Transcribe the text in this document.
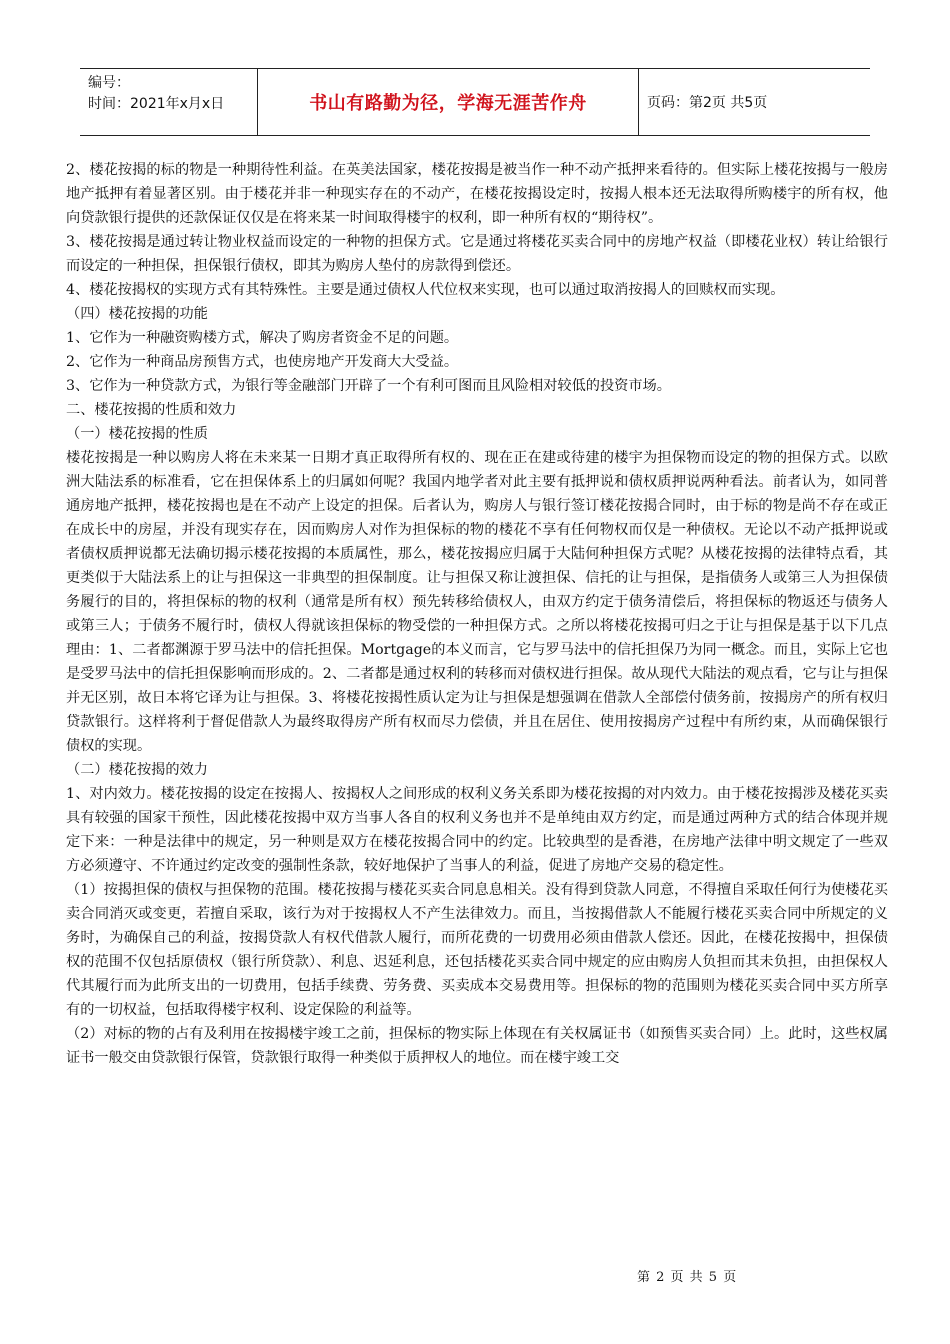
编号：
时间：2021年x月x日	书山有路勤为径，学海无涯苦作舟	页码：第2页 共5页

2、楼花按揭的标的物是一种期待性利益。在英美法国家，楼花按揭是被当作一种不动产抵押来看待的。但实际上楼花按揭与一般房地产抵押有着显著区别。由于楼花并非一种现实存在的不动产，在楼花按揭设定时，按揭人根本还无法取得所购楼宇的所有权，他向贷款银行提供的还款保证仅仅是在将来某一时间取得楼宇的权利，即一种所有权的“期待权”。

3、楼花按揭是通过转让物业权益而设定的一种物的担保方式。它是通过将楼花买卖合同中的房地产权益（即楼花业权）转让给银行而设定的一种担保，担保银行债权，即其为购房人垫付的房款得到偿还。

4、楼花按揭权的实现方式有其特殊性。主要是通过债权人代位权来实现，也可以通过取消按揭人的回赎权而实现。

（四）楼花按揭的功能

1、它作为一种融资购楼方式，解决了购房者资金不足的问题。

2、它作为一种商品房预售方式，也使房地产开发商大大受益。

3、它作为一种贷款方式，为银行等金融部门开辟了一个有利可图而且风险相对较低的投资市场。

二、楼花按揭的性质和效力

（一）楼花按揭的性质

楼花按揭是一种以购房人将在未来某一日期才真正取得所有权的、现在正在建或待建的楼宇为担保物而设定的物的担保方式。以欧洲大陆法系的标准看，它在担保体系上的归属如何呢？我国内地学者对此主要有抵押说和债权质押说两种看法。前者认为，如同普通房地产抵押，楼花按揭也是在不动产上设定的担保。后者认为，购房人与银行签订楼花按揭合同时，由于标的物是尚不存在或正在成长中的房屋，并没有现实存在，因而购房人对作为担保标的物的楼花不享有任何物权而仅是一种债权。无论以不动产抵押说或者债权质押说都无法确切揭示楼花按揭的本质属性，那么，楼花按揭应归属于大陆何种担保方式呢？从楼花按揭的法律特点看，其更类似于大陆法系上的让与担保这一非典型的担保制度。让与担保又称让渡担保、信托的让与担保，是指债务人或第三人为担保债务履行的目的，将担保标的物的权利（通常是所有权）预先转移给债权人，由双方约定于债务清偿后，将担保标的物返还与债务人或第三人；于债务不履行时，债权人得就该担保标的物受偿的一种担保方式。之所以将楼花按揭可归之于让与担保是基于以下几点理由：1、二者都渊源于罗马法中的信托担保。Mortgage的本义而言，它与罗马法中的信托担保乃为同一概念。而且，实际上它也是受罗马法中的信托担保影响而形成的。2、二者都是通过权利的转移而对债权进行担保。故从现代大陆法的观点看，它与让与担保并无区别，故日本将它译为让与担保。3、将楼花按揭性质认定为让与担保是想强调在借款人全部偿付债务前，按揭房产的所有权归贷款银行。这样将利于督促借款人为最终取得房产所有权而尽力偿债，并且在居住、使用按揭房产过程中有所约束，从而确保银行债权的实现。

（二）楼花按揭的效力

1、对内效力。楼花按揭的设定在按揭人、按揭权人之间形成的权利义务关系即为楼花按揭的对内效力。由于楼花按揭涉及楼花买卖具有较强的国家干预性，因此楼花按揭中双方当事人各自的权利义务也并不是单纯由双方约定，而是通过两种方式的结合体现并规定下来：一种是法律中的规定，另一种则是双方在楼花按揭合同中的约定。比较典型的是香港，在房地产法律中明文规定了一些双方必须遵守、不许通过约定改变的强制性条款，较好地保护了当事人的利益，促进了房地产交易的稳定性。

（1）按揭担保的债权与担保物的范围。楼花按揭与楼花买卖合同息息相关。没有得到贷款人同意，不得擅自采取任何行为使楼花买卖合同消灭或变更，若擅自采取，该行为对于按揭权人不产生法律效力。而且，当按揭借款人不能履行楼花买卖合同中所规定的义务时，为确保自己的利益，按揭贷款人有权代借款人履行，而所花费的一切费用必须由借款人偿还。因此，在楼花按揭中，担保债权的范围不仅包括原债权（银行所贷款）、利息、迟延利息，还包括楼花买卖合同中规定的应由购房人负担而其未负担，由担保权人代其履行而为此所支出的一切费用，包括手续费、劳务费、买卖成本交易费用等。担保标的物的范围则为楼花买卖合同中买方所享有的一切权益，包括取得楼宇权利、设定保险的利益等。

（2）对标的物的占有及利用在按揭楼宇竣工之前，担保标的物实际上体现在有关权属证书（如预售买卖合同）上。此时，这些权属证书一般交由贷款银行保管，贷款银行取得一种类似于质押权人的地位。而在楼宇竣工交

第 2 页 共 5 页
